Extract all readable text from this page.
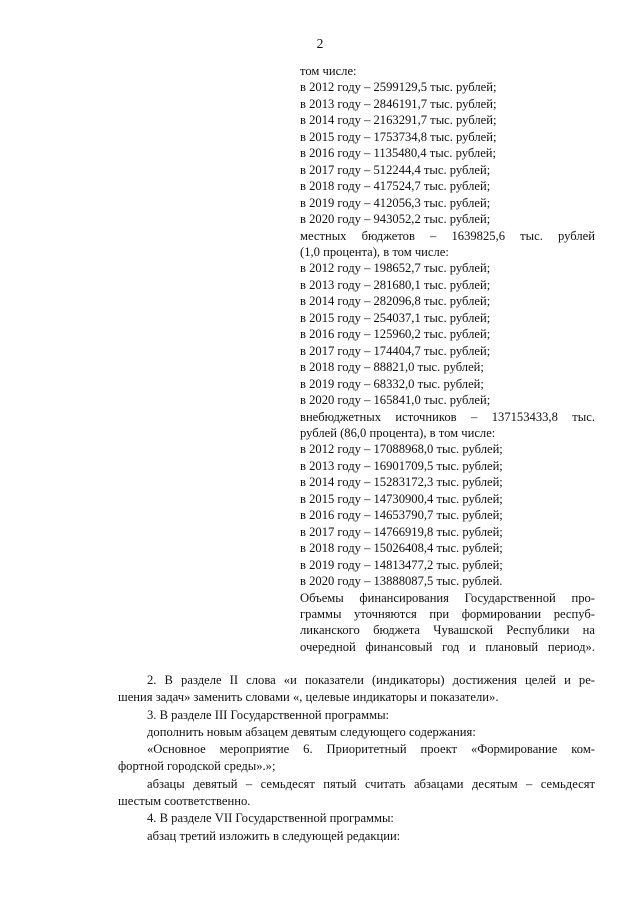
2
том числе:
в 2012 году – 2599129,5 тыс. рублей;
в 2013 году – 2846191,7 тыс. рублей;
в 2014 году – 2163291,7 тыс. рублей;
в 2015 году – 1753734,8 тыс. рублей;
в 2016 году – 1135480,4 тыс. рублей;
в 2017 году – 512244,4 тыс. рублей;
в 2018 году – 417524,7 тыс. рублей;
в 2019 году – 412056,3 тыс. рублей;
в 2020 году – 943052,2 тыс. рублей;
местных бюджетов – 1639825,6 тыс. рублей
(1,0 процента), в том числе:
в 2012 году – 198652,7 тыс. рублей;
в 2013 году – 281680,1 тыс. рублей;
в 2014 году – 282096,8 тыс. рублей;
в 2015 году – 254037,1 тыс. рублей;
в 2016 году – 125960,2 тыс. рублей;
в 2017 году – 174404,7 тыс. рублей;
в 2018 году – 88821,0 тыс. рублей;
в 2019 году – 68332,0 тыс. рублей;
в 2020 году – 165841,0 тыс. рублей;
внебюджетных источников – 137153433,8 тыс.
рублей (86,0 процента), в том числе:
в 2012 году – 17088968,0 тыс. рублей;
в 2013 году – 16901709,5 тыс. рублей;
в 2014 году – 15283172,3 тыс. рублей;
в 2015 году – 14730900,4 тыс. рублей;
в 2016 году – 14653790,7 тыс. рублей;
в 2017 году – 14766919,8 тыс. рублей;
в 2018 году – 15026408,4 тыс. рублей;
в 2019 году – 14813477,2 тыс. рублей;
в 2020 году – 13888087,5 тыс. рублей.
Объемы финансирования Государственной про-
граммы уточняются при формировании респуб-
ликанского бюджета Чувашской Республики на
очередной финансовый год и плановый период».
2. В разделе II слова «и показатели (индикаторы) достижения целей и ре-
шения задач» заменить словами «, целевые индикаторы и показатели».
3. В разделе III Государственной программы:
дополнить новым абзацем девятым следующего содержания:
«Основное мероприятие 6. Приоритетный проект «Формирование ком-
фортной городской среды».»;
абзацы девятый – семьдесят пятый считать абзацами десятым – семьдесят
шестым соответственно.
4. В разделе VII Государственной программы:
абзац третий изложить в следующей редакции:
